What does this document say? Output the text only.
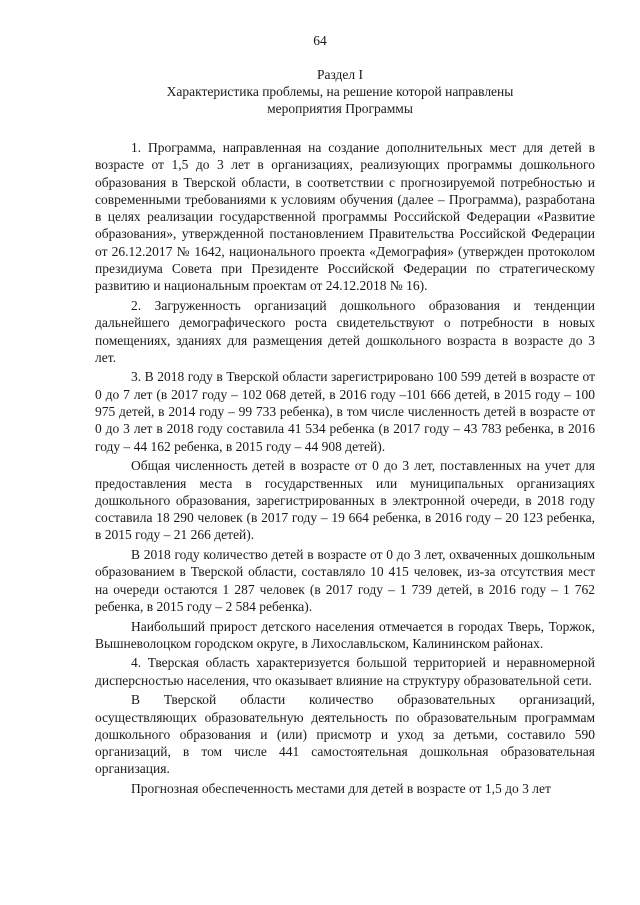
64
Раздел I
Характеристика проблемы, на решение которой направлены
мероприятия Программы

1. Программа, направленная на создание дополнительных мест для детей в возрасте от 1,5 до 3 лет в организациях, реализующих программы дошкольного образования в Тверской области, в соответствии с прогнозируемой потребностью и современными требованиями к условиям обучения (далее – Программа), разработана в целях реализации государственной программы Российской Федерации «Развитие образования», утвержденной постановлением Правительства Российской Федерации от 26.12.2017 № 1642, национального проекта «Демография» (утвержден протоколом президиума Совета при Президенте Российской Федерации по стратегическому развитию и национальным проектам от 24.12.2018 № 16).

2. Загруженность организаций дошкольного образования и тенденции дальнейшего демографического роста свидетельствуют о потребности в новых помещениях, зданиях для размещения детей дошкольного возраста в возрасте до 3 лет.

3. В 2018 году в Тверской области зарегистрировано 100 599 детей в возрасте от 0 до 7 лет (в 2017 году – 102 068 детей, в 2016 году –101 666 детей, в 2015 году – 100 975 детей, в 2014 году – 99 733 ребенка), в том числе численность детей в возрасте от 0 до 3 лет в 2018 году составила 41 534 ребенка (в 2017 году – 43 783 ребенка, в 2016 году – 44 162 ребенка, в 2015 году – 44 908 детей).

Общая численность детей в возрасте от 0 до 3 лет, поставленных на учет для предоставления места в государственных или муниципальных организациях дошкольного образования, зарегистрированных в электронной очереди, в 2018 году составила 18 290 человек (в 2017 году – 19 664 ребенка, в 2016 году – 20 123 ребенка, в 2015 году – 21 266 детей).

В 2018 году количество детей в возрасте от 0 до 3 лет, охваченных дошкольным образованием в Тверской области, составляло 10 415 человек, из-за отсутствия мест на очереди остаются 1 287 человек (в 2017 году – 1 739 детей, в 2016 году – 1 762 ребенка, в 2015 году – 2 584 ребенка).

Наибольший прирост детского населения отмечается в городах Тверь, Торжок, Вышневолоцком городском округе, в Лихославльском, Калининском районах.

4. Тверская область характеризуется большой территорией и неравномерной дисперсностью населения, что оказывает влияние на структуру образовательной сети.

В Тверской области количество образовательных организаций, осуществляющих образовательную деятельность по образовательным программам дошкольного образования и (или) присмотр и уход за детьми, составило 590 организаций, в том числе 441 самостоятельная дошкольная образовательная организация.

Прогнозная обеспеченность местами для детей в возрасте от 1,5 до 3 лет
